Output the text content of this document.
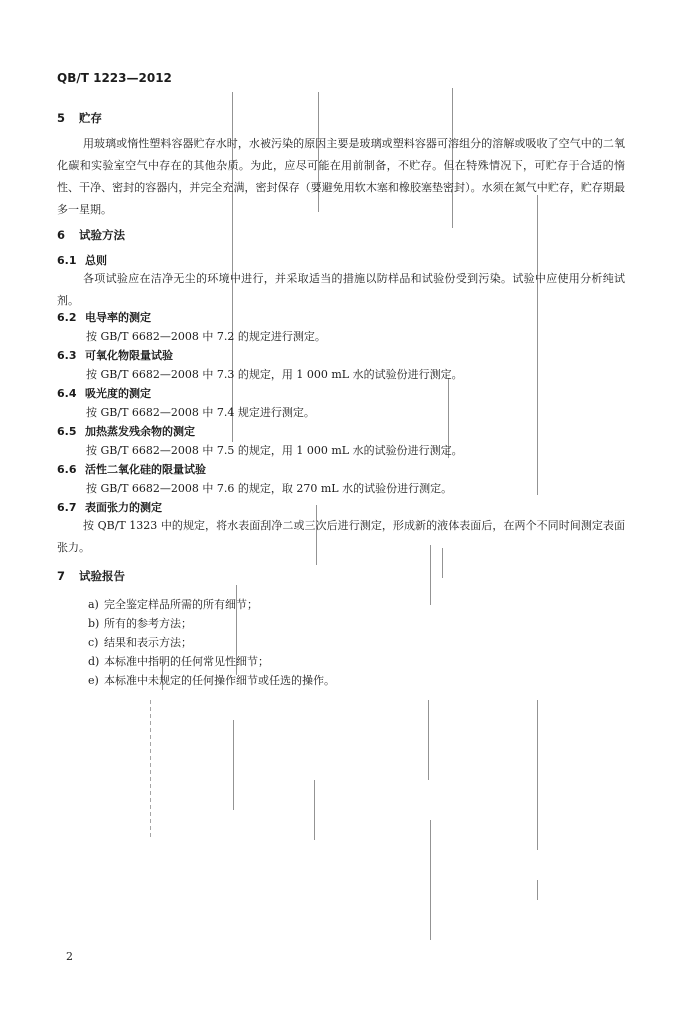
QB/T 1223—2012
5 贮存
用玻璃或惰性塑料容器贮存水时，水被污染的原因主要是玻璃或塑料容器可溶组分的溶解或吸收了空气中的二氧化碳和实验室空气中存在的其他杂质。为此，应尽可能在用前制备，不贮存。但在特殊情况下，可贮存于合适的惰性、干净、密封的容器内，并完全充满，密封保存（要避免用软木塞和橡胶塞垫密封）。水须在氮气中贮存，贮存期最多一星期。
6 试验方法
6.1 总则
各项试验应在洁净无尘的环境中进行，并采取适当的措施以防样品和试验份受到污染。试验中应使用分析纯试剂。
6.2 电导率的测定
按 GB/T 6682—2008 中 7.2 的规定进行测定。
6.3 可氧化物限量试验
按 GB/T 6682—2008 中 7.3 的规定，用 1 000 mL 水的试验份进行测定。
6.4 吸光度的测定
按 GB/T 6682—2008 中 7.4 规定进行测定。
6.5 加热蒸发残余物的测定
按 GB/T 6682—2008 中 7.5 的规定，用 1 000 mL 水的试验份进行测定。
6.6 活性二氧化硅的限量试验
按 GB/T 6682—2008 中 7.6 的规定，取 270 mL 水的试验份进行测定。
6.7 表面张力的测定
按 QB/T 1323 中的规定，将水表面刮净二或三次后进行测定，形成新的液体表面后，在两个不同时间测定表面张力。
7 试验报告
a) 完全鉴定样品所需的所有细节；
b) 所有的参考方法；
c) 结果和表示方法；
d) 本标准中指明的任何常见性细节；
e) 本标准中未规定的任何操作细节或任选的操作。
2
